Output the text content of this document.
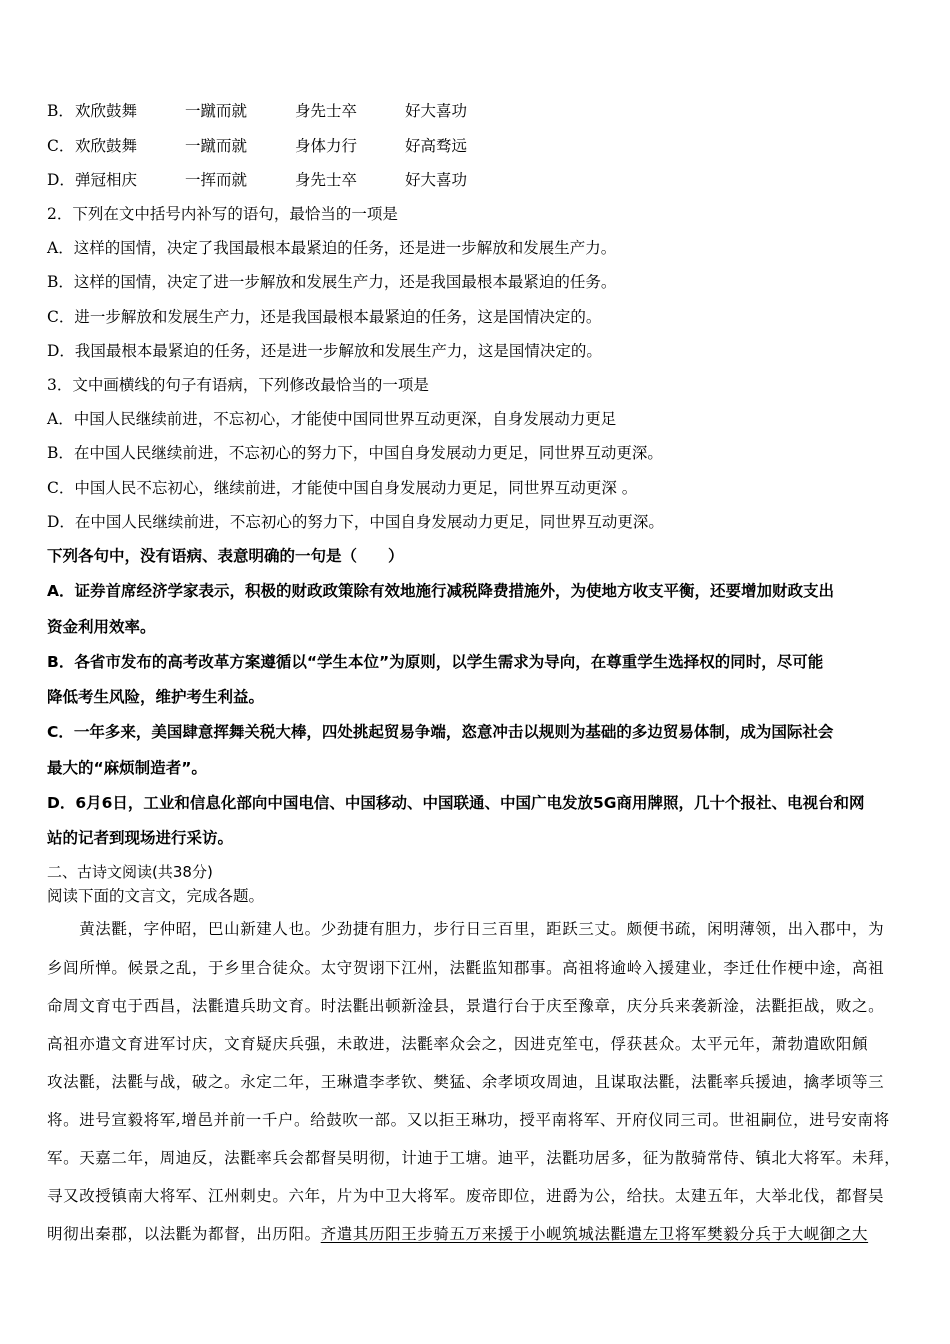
B．欢欣鼓舞	一蹴而就	身先士卒	好大喜功
C．欢欣鼓舞	一蹴而就	身体力行	好高骛远
D．弹冠相庆	一挥而就	身先士卒	好大喜功
2．下列在文中括号内补写的语句，最恰当的一项是
A．这样的国情，决定了我国最根本最紧迫的任务，还是进一步解放和发展生产力。
B．这样的国情，决定了进一步解放和发展生产力，还是我国最根本最紧迫的任务。
C．进一步解放和发展生产力，还是我国最根本最紧迫的任务，这是国情决定的。
D．我国最根本最紧迫的任务，还是进一步解放和发展生产力，这是国情决定的。
3．文中画横线的句子有语病，下列修改最恰当的一项是
A．中国人民继续前进，不忘初心，才能使中国同世界互动更深，自身发展动力更足
B．在中国人民继续前进，不忘初心的努力下，中国自身发展动力更足，同世界互动更深。
C．中国人民不忘初心，继续前进，才能使中国自身发展动力更足，同世界互动更深 。
D．在中国人民继续前进，不忘初心的努力下，中国自身发展动力更足，同世界互动更深。
下列各句中，没有语病、表意明确的一句是（　　）
A．证券首席经济学家表示，积极的财政政策除有效地施行减税降费措施外，为使地方收支平衡，还要增加财政支出
资金利用效率。
B．各省市发布的高考改革方案遵循以“学生本位”为原则，以学生需求为导向，在尊重学生选择权的同时，尽可能
降低考生风险，维护考生利益。
C．一年多来，美国肆意挥舞关税大棒，四处挑起贸易争端，恣意冲击以规则为基础的多边贸易体制，成为国际社会
最大的“麻烦制造者”。
D．6月6日，工业和信息化部向中国电信、中国移动、中国联通、中国广电发放5G商用牌照，几十个报社、电视台和网
站的记者到现场进行采访。
二、古诗文阅读(共38分)
阅读下面的文言文，完成各题。
　　黄法氍，字仲昭，巴山新建人也。少劲捷有胆力，步行日三百里，距跃三丈。颇便书疏，闲明薄领，出入郡中，为
乡闾所惮。候景之乱，于乡里合徒众。太守贺诩下江州，法氍监知郡事。高祖将逾岭入援建业，李迁仕作梗中途，高祖
命周文育屯于西昌，法氍遣兵助文育。时法氍出顿新淦县，景遣行台于庆至豫章，庆分兵来袭新淦，法氍拒战，败之。
高祖亦遣文育进军讨庆，文育疑庆兵强，未敢进，法氍率众会之，因进克笙屯，俘获甚众。太平元年，萧勃遣欧阳頠
攻法氍，法氍与战，破之。永定二年，王琳遣李孝钦、樊猛、余孝顷攻周迪，且谋取法氍，法氍率兵援迪，擒孝顷等三
将。进号宣毅将军,增邑并前一千户。给鼓吹一部。又以拒王琳功，授平南将军、开府仪同三司。世祖嗣位，进号安南将
军。天嘉二年，周迪反，法氍率兵会都督吴明彻，计迪于工塘。迪平，法氍功居多，征为散骑常侍、镇北大将军。未拜，
寻又改授镇南大将军、江州刺史。六年，片为中卫大将军。废帝即位，进爵为公，给扶。太建五年，大举北伐，都督吴
明彻出秦郡，以法氍为都督，出历阳。齐遣其历阳王步骑五万来援于小岘筑城法氍遣左卫将军樊毅分兵于大岘御之大
